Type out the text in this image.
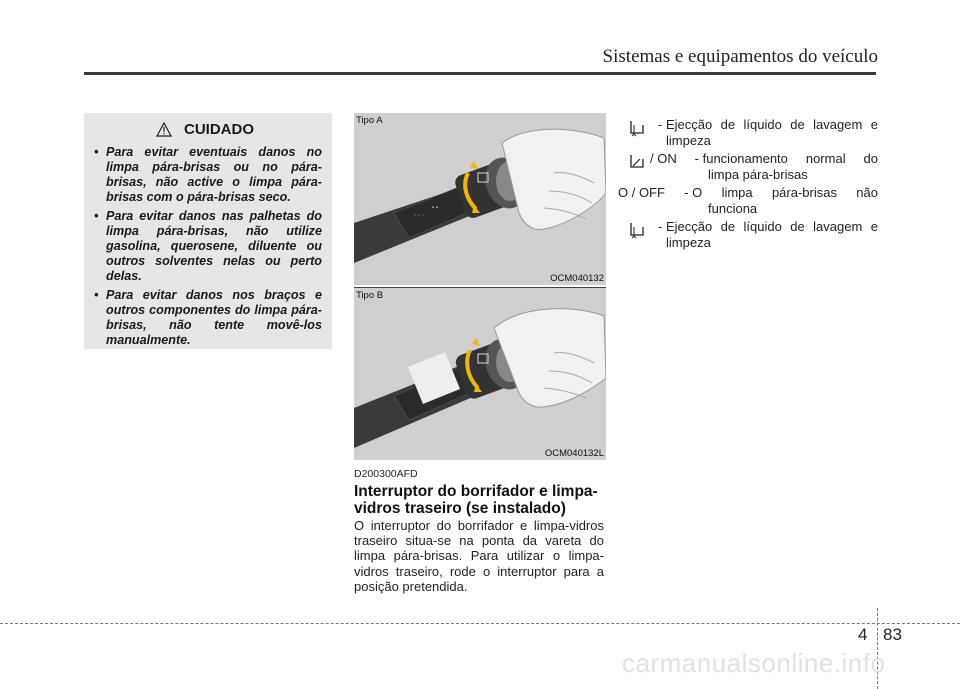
Sistemas e equipamentos do veículo
CUIDADO
• Para evitar eventuais danos no limpa pára-brisas ou no pára-brisas, não active o limpa pára-brisas com o pára-brisas seco.
• Para evitar danos nas palhetas do limpa pára-brisas, não utilize gasolina, querosene, diluente ou outros solventes nelas ou perto delas.
• Para evitar danos nos braços e outros componentes do limpa pára-brisas, não tente movê-los manualmente.
◦ ◦ ◦
▪ ▪
Tipo A
OCM040132
Tipo B
OCM040132L
D200300AFD
Interruptor do borrifador e limpa-vidros traseiro (se instalado)
O interruptor do borrifador e limpa-vidros traseiro situa-se na ponta da vareta do limpa pára-brisas. Para utilizar o limpa-vidros traseiro, rode o interruptor para a posição pretendida.
- Ejecção de líquido de lavagem e
limpeza
/ ON - funcionamento normal do
limpa pára-brisas
O / OFF - O limpa pára-brisas não
funciona
- Ejecção de líquido de lavagem e
limpeza
4 83
carmanualsonline.info
